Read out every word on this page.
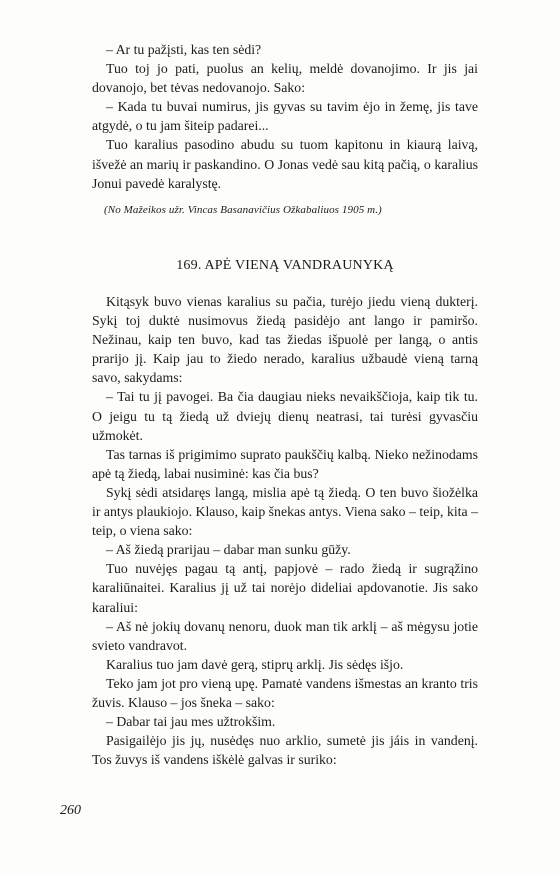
– Ar tu pažįsti, kas ten sėdi?

Tuo toj jo pati, puolus an kelių, meldė dovanojimo. Ir jis jai dovanojo, bet tėvas nedovanojo. Sako:

– Kada tu buvai numirus, jis gyvas su tavim ėjo in žemę, jis tave atgydė, o tu jam šiteip padarei...

Tuo karalius pasodino abudu su tuom kapitonu in kiaurą laivą, išvežė an marių ir paskandino. O Jonas vedė sau kitą pačią, o karalius Jonui pavedė karalystę.

(No Mažeikos užr. Vincas Basanavičius Ožkabaliuos 1905 m.)
169. APĖ VIENĄ VANDRAUNYKĄ

Kitąsyk buvo vienas karalius su pačia, turėjo jiedu vieną dukterį. Sykį toj duktė nusimovus žiedą pasidėjo ant lango ir pamiršo. Nežinau, kaip ten buvo, kad tas žiedas išpuolė per langą, o antis prarijo jį. Kaip jau to žiedo nerado, karalius užbaudė vieną tarną savo, sakydams:

– Tai tu jį pavogei. Ba čia daugiau nieks nevaikščioja, kaip tik tu. O jeigu tu tą žiedą už dviejų dienų neatrasi, tai turėsi gyvasčiu užmokėt.

Tas tarnas iš prigimimo suprato paukščių kalbą. Nieko nežinodams apė tą žiedą, labai nusiminė: kas čia bus?

Sykį sėdi atsidaręs langą, mislia apė tą žiedą. O ten buvo šiožėlka ir antys plaukiojo. Klauso, kaip šnekas antys. Viena sako – teip, kita – teip, o viena sako:

– Aš žiedą prarijau – dabar man sunku gūžy.

Tuo nuvėjęs pagau tą antį, papjovė – rado žiedą ir sugrąžino karaliūnaitei. Karalius jį už tai norėjo dideliai apdovanotie. Jis sako karaliui:

– Aš nė jokių dovanų nenoru, duok man tik arklį – aš mėgysu jotie svieto vandravot.

Karalius tuo jam davė gerą, stiprų arklį. Jis sėdęs išjo.

Teko jam jot pro vieną upę. Pamatė vandens išmestas an kranto tris žuvis. Klauso – jos šneka – sako:

– Dabar tai jau mes užtrokšim.

Pasigailėjo jis jų, nusėdęs nuo arklio, sumetė jis jáis in vandenį. Tos žuvys iš vandens iškėlė galvas ir suriko:

260
